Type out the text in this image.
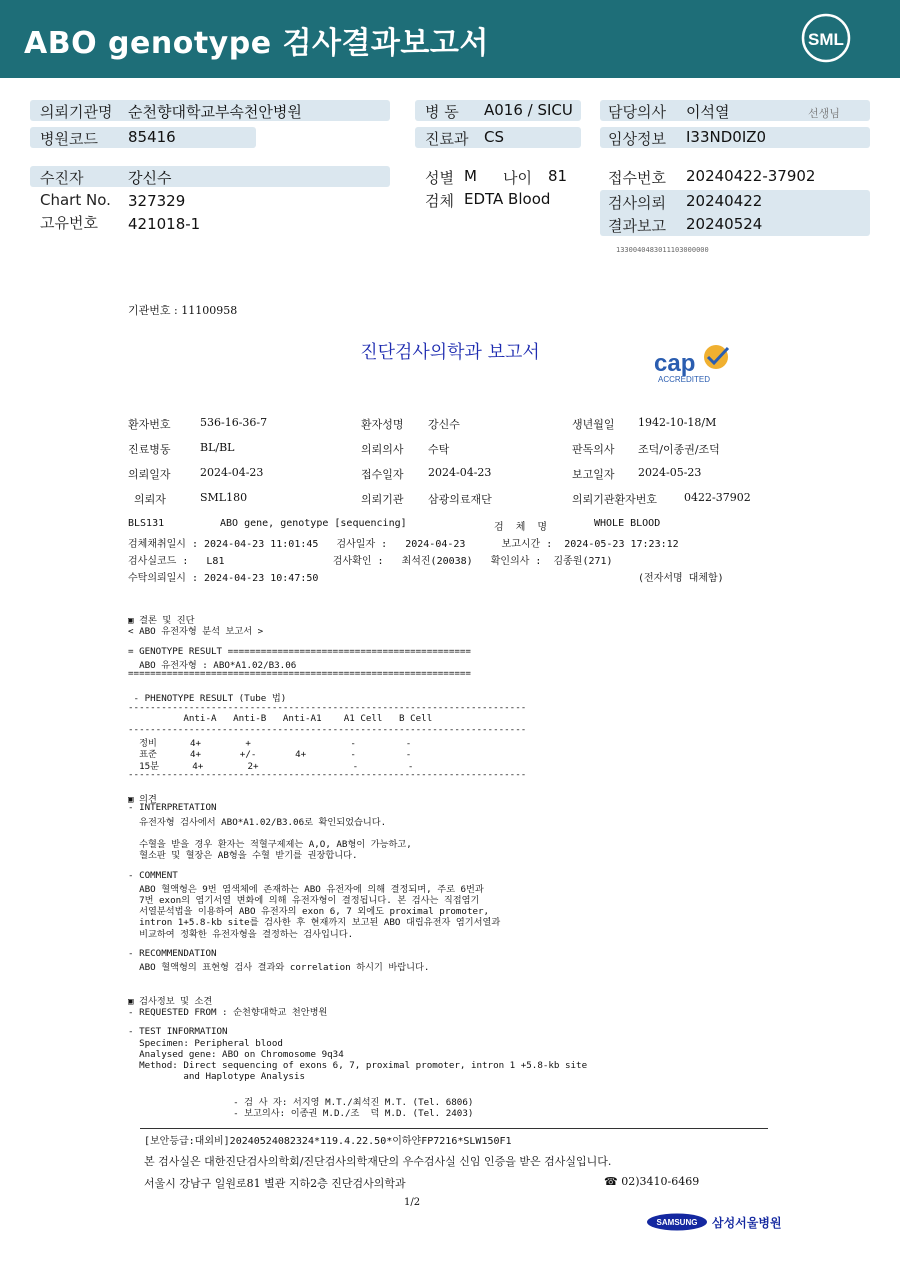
ABO genotype 검사결과보고서	SML
의뢰기관명 순천향대학교부속천안병원
병원코드 85416
수진자	강신수
Chart No. 327329
고유번호 421018-1
병 동 A016 / SICU
진료과 CS
성별 M 나이 81
검체 EDTA Blood
담당의사 이석열	선생님
임상정보 I33ND0IZ0
접수번호 20240422-37902
검사의뢰 20240422
결과보고 20240524
1330040483011103000000
기관번호 : 11100958
진단검사의학과 보고서	cap
ACCREDITED
환자번호	536-16-36-7	환자성명 강신수	생년월일 1942-10-18/M
진료병동	BL/BL	의뢰의사 수탁	판독의사 조덕/이종권/조덕
의뢰일자	2024-04-23	접수일자 2024-04-23	보고일자 2024-05-23
의뢰자	SML180	의뢰기관 삼광의료재단	의뢰기관환자번호 0422-37902
BLS131	ABO gene, genotype [sequencing]	검  체  명	WHOLE BLOOD
검체채취일시 : 2024-04-23 11:01:45   검사일자 :   2024-04-23      보고시간 :  2024-05-23 17:23:12
검사실코드 :   L81                  검사확인 :   최석진(20038)   확인의사 :  김종원(271)
수탁의뢰일시 : 2024-04-23 10:47:50	(전자서명 대체함)
▣ 결론 및 진단
< ABO 유전자형 분석 보고서 >
= GENOTYPE RESULT ============================================
ABO 유전자형 : ABO*A1.02/B3.06
==============================================================
- PHENOTYPE RESULT (Tube 법)
------------------------------------------------------------------------
Anti-A   Anti-B   Anti-A1    A1 Cell   B Cell
------------------------------------------------------------------------
정비      4+        +                  -         -
표준      4+       +/-       4+        -         -
15분      4+        2+                 -         -
------------------------------------------------------------------------
▣ 의견
- INTERPRETATION
유전자형 검사에서 ABO*A1.02/B3.06로 확인되었습니다.
수혈을 받을 경우 환자는 적혈구제제는 A,O, AB형이 가능하고,
혈소판 및 혈장은 AB형을 수혈 받기를 권장합니다.
- COMMENT
ABO 혈액형은 9번 염색체에 존재하는 ABO 유전자에 의해 결정되며, 주로 6번과
7번 exon의 염기서열 변화에 의해 유전자형이 결정됩니다. 본 검사는 직접염기
서열분석법을 이용하여 ABO 유전자의 exon 6, 7 외에도 proximal promoter,
intron 1+5.8-kb site를 검사한 후 현재까지 보고된 ABO 대립유전자 염기서열과
비교하여 정확한 유전자형을 결정하는 검사입니다.
- RECOMMENDATION
ABO 혈액형의 표현형 검사 결과와 correlation 하시기 바랍니다.
▣ 검사정보 및 소견
- REQUESTED FROM : 순천향대학교 천안병원
- TEST INFORMATION
Specimen: Peripheral blood
Analysed gene: ABO on Chromosome 9q34
Method: Direct sequencing of exons 6, 7, proximal promoter, intron 1 +5.8-kb site
and Haplotype Analysis
- 검 사 자: 서지영 M.T./최석진 M.T. (Tel. 6806)
- 보고의사: 이종권 M.D./조  덕 M.D. (Tel. 2403)
[보안등급:대외비]20240524082324*119.4.22.50*이하얀FP7216*SLW150F1
본 검사실은 대한진단검사의학회/진단검사의학재단의 우수검사실 신임 인증을 받은 검사실입니다.
서울시 강남구 일원로81 별관 지하2층 진단검사의학과	☎ 02)3410-6469
1/2
SAMSUNG 삼성서울병원
